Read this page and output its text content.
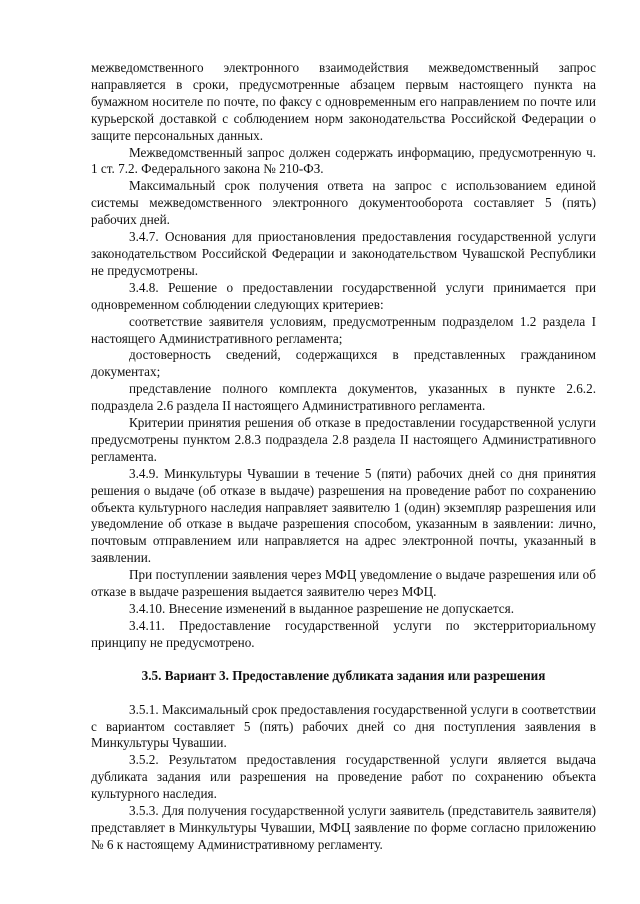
межведомственного электронного взаимодействия межведомственный запрос направляется в сроки, предусмотренные абзацем первым настоящего пункта на бумажном носителе по почте, по факсу с одновременным его направлением по почте или курьерской доставкой с соблюдением норм законодательства Российской Федерации о защите персональных данных.

Межведомственный запрос должен содержать информацию, предусмотренную ч. 1 ст. 7.2. Федерального закона № 210-ФЗ.

Максимальный срок получения ответа на запрос с использованием единой системы межведомственного электронного документооборота составляет 5 (пять) рабочих дней.

3.4.7. Основания для приостановления предоставления государственной услуги законодательством Российской Федерации и законодательством Чувашской Республики не предусмотрены.

3.4.8. Решение о предоставлении государственной услуги принимается при одновременном соблюдении следующих критериев:

соответствие заявителя условиям, предусмотренным подразделом 1.2 раздела I настоящего Административного регламента;

достоверность сведений, содержащихся в представленных гражданином документах;

представление полного комплекта документов, указанных в пункте 2.6.2. подраздела 2.6 раздела II настоящего Административного регламента.

Критерии принятия решения об отказе в предоставлении государственной услуги предусмотрены пунктом 2.8.3 подраздела 2.8 раздела II настоящего Административного регламента.

3.4.9. Минкультуры Чувашии в течение 5 (пяти) рабочих дней со дня принятия решения о выдаче (об отказе в выдаче) разрешения на проведение работ по сохранению объекта культурного наследия направляет заявителю 1 (один) экземпляр разрешения или уведомление об отказе в выдаче разрешения способом, указанным в заявлении: лично, почтовым отправлением или направляется на адрес электронной почты, указанный в заявлении.

При поступлении заявления через МФЦ уведомление о выдаче разрешения или об отказе в выдаче разрешения выдается заявителю через МФЦ.

3.4.10. Внесение изменений в выданное разрешение не допускается.

3.4.11. Предоставление государственной услуги по экстерриториальному принципу не предусмотрено.

3.5. Вариант 3. Предоставление дубликата задания или разрешения

3.5.1. Максимальный срок предоставления государственной услуги в соответствии с вариантом составляет 5 (пять) рабочих дней со дня поступления заявления в Минкультуры Чувашии.

3.5.2. Результатом предоставления государственной услуги является выдача дубликата задания или разрешения на проведение работ по сохранению объекта культурного наследия.

3.5.3. Для получения государственной услуги заявитель (представитель заявителя) представляет в Минкультуры Чувашии, МФЦ заявление по форме согласно приложению № 6 к настоящему Административному регламенту.
